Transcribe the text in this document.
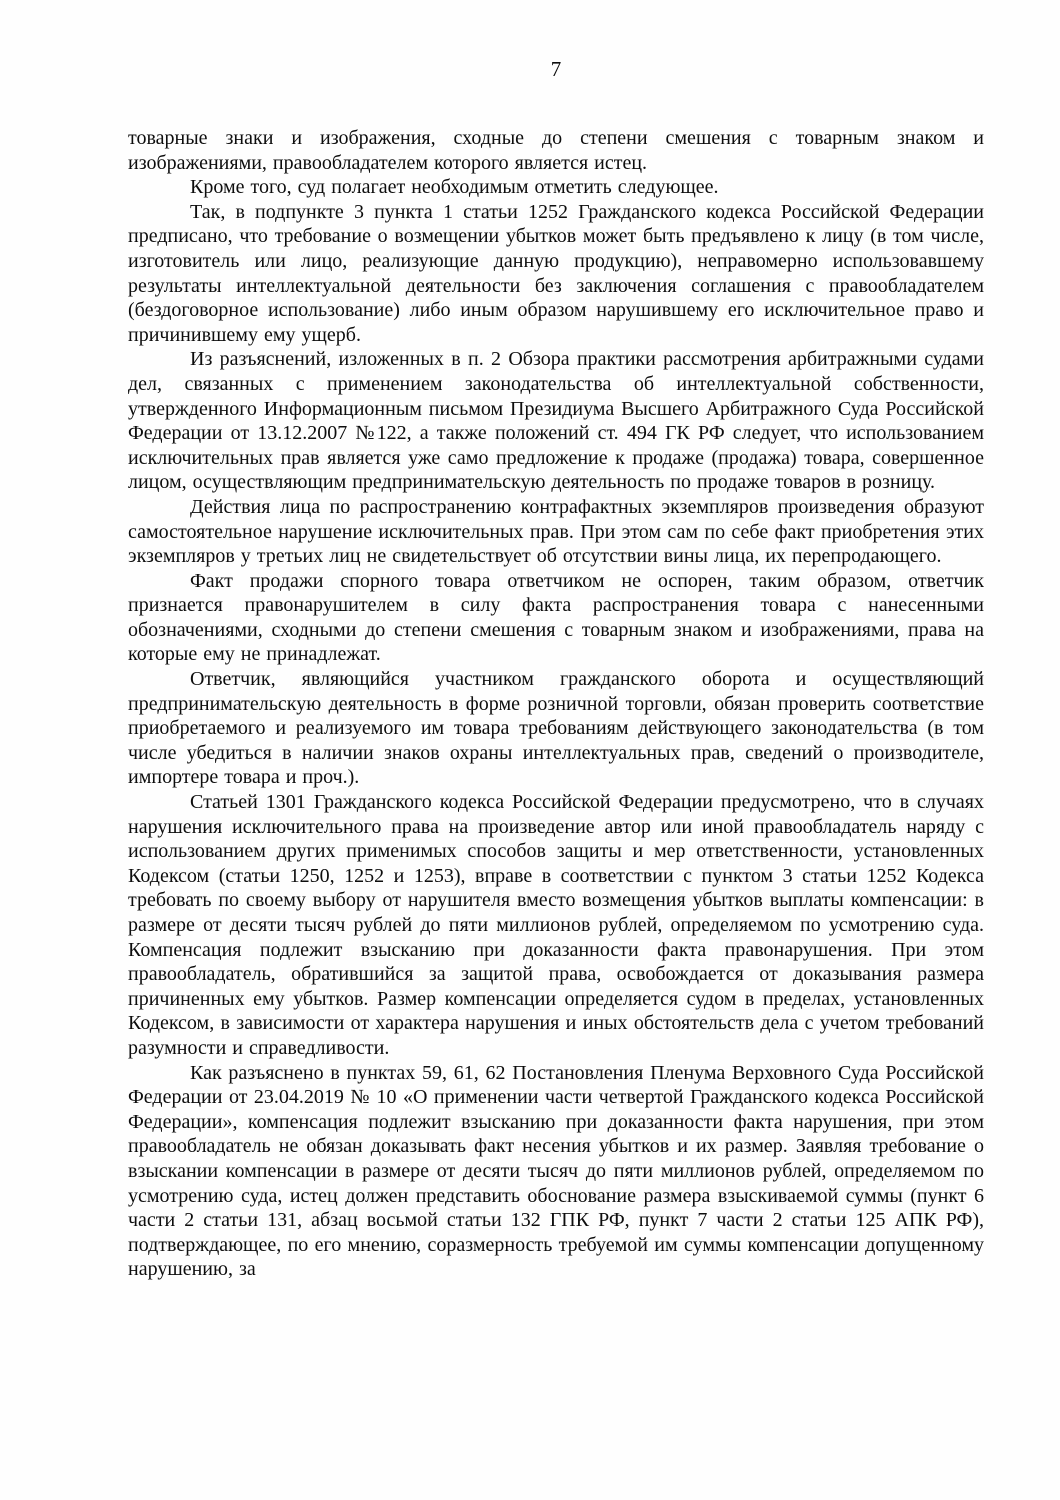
7

товарные знаки и изображения, сходные до степени смешения с товарным знаком и изображениями, правообладателем которого является истец.

Кроме того, суд полагает необходимым отметить следующее.

Так, в подпункте 3 пункта 1 статьи 1252 Гражданского кодекса Российской Федерации предписано, что требование о возмещении убытков может быть предъявлено к лицу (в том числе, изготовитель или лицо, реализующие данную продукцию), неправомерно использовавшему результаты интеллектуальной деятельности без заключения соглашения с правообладателем (бездоговорное использование) либо иным образом нарушившему его исключительное право и причинившему ему ущерб.

Из разъяснений, изложенных в п. 2 Обзора практики рассмотрения арбитражными судами дел, связанных с применением законодательства об интеллектуальной собственности, утвержденного Информационным письмом Президиума Высшего Арбитражного Суда Российской Федерации от 13.12.2007 №122, а также положений ст. 494 ГК РФ следует, что использованием исключительных прав является уже само предложение к продаже (продажа) товара, совершенное лицом, осуществляющим предпринимательскую деятельность по продаже товаров в розницу.

Действия лица по распространению контрафактных экземпляров произведения образуют самостоятельное нарушение исключительных прав. При этом сам по себе факт приобретения этих экземпляров у третьих лиц не свидетельствует об отсутствии вины лица, их перепродающего.

Факт продажи спорного товара ответчиком не оспорен, таким образом, ответчик признается правонарушителем в силу факта распространения товара с нанесенными обозначениями, сходными до степени смешения с товарным знаком и изображениями, права на которые ему не принадлежат.

Ответчик, являющийся участником гражданского оборота и осуществляющий предпринимательскую деятельность в форме розничной торговли, обязан проверить соответствие приобретаемого и реализуемого им товара требованиям действующего законодательства (в том числе убедиться в наличии знаков охраны интеллектуальных прав, сведений о производителе, импортере товара и проч.).

Статьей 1301 Гражданского кодекса Российской Федерации предусмотрено, что в случаях нарушения исключительного права на произведение автор или иной правообладатель наряду с использованием других применимых способов защиты и мер ответственности, установленных Кодексом (статьи 1250, 1252 и 1253), вправе в соответствии с пунктом 3 статьи 1252 Кодекса требовать по своему выбору от нарушителя вместо возмещения убытков выплаты компенсации: в размере от десяти тысяч рублей до пяти миллионов рублей, определяемом по усмотрению суда. Компенсация подлежит взысканию при доказанности факта правонарушения. При этом правообладатель, обратившийся за защитой права, освобождается от доказывания размера причиненных ему убытков. Размер компенсации определяется судом в пределах, установленных Кодексом, в зависимости от характера нарушения и иных обстоятельств дела с учетом требований разумности и справедливости.

Как разъяснено в пунктах 59, 61, 62 Постановления Пленума Верховного Суда Российской Федерации от 23.04.2019 № 10 «О применении части четвертой Гражданского кодекса Российской Федерации», компенсация подлежит взысканию при доказанности факта нарушения, при этом правообладатель не обязан доказывать факт несения убытков и их размер. Заявляя требование о взыскании компенсации в размере от десяти тысяч до пяти миллионов рублей, определяемом по усмотрению суда, истец должен представить обоснование размера взыскиваемой суммы (пункт 6 части 2 статьи 131, абзац восьмой статьи 132 ГПК РФ, пункт 7 части 2 статьи 125 АПК РФ), подтверждающее, по его мнению, соразмерность требуемой им суммы компенсации допущенному нарушению, за
